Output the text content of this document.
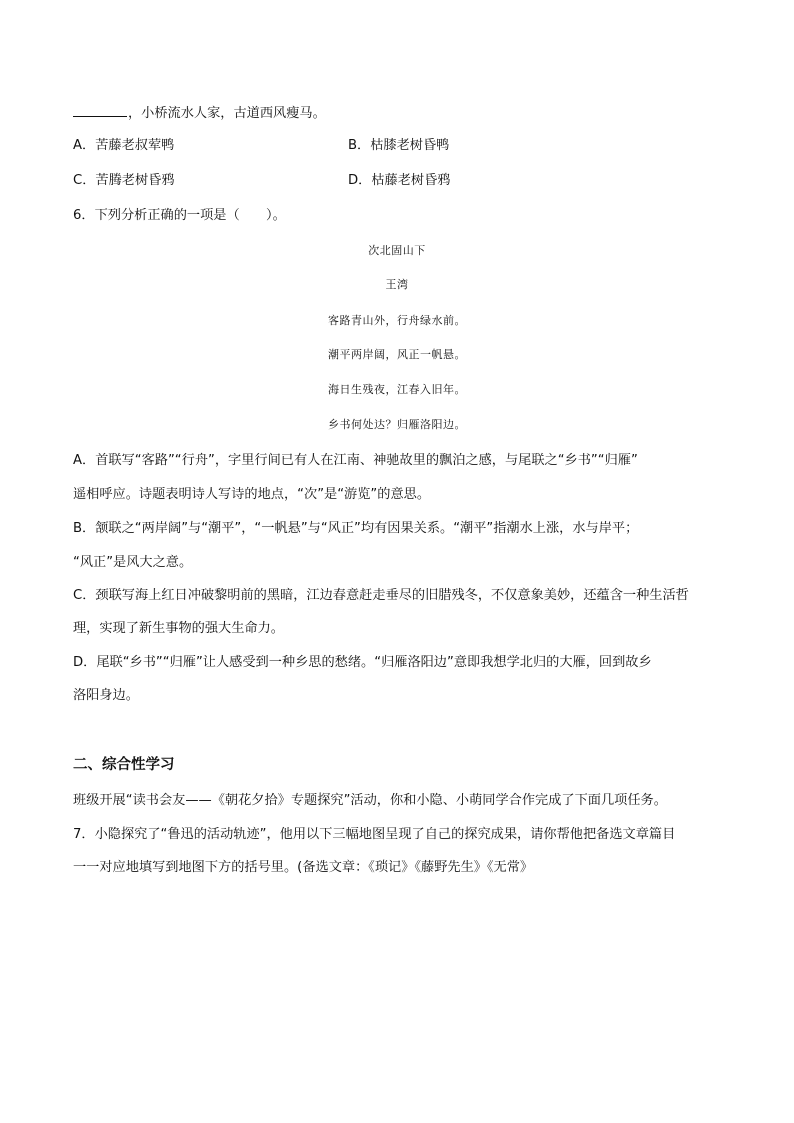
，小桥流水人家，古道西风瘦马。
A．苦藤老叔荤鸭	B．枯膝老树昏鸭
C．苦腾老树昏鸦	D．枯藤老树昏鸦
6．下列分析正确的一项是（　　）。
次北固山下
王湾
客路青山外，行舟绿水前。
潮平两岸阔，风正一帆悬。
海日生残夜，江春入旧年。
乡书何处达？归雁洛阳边。
A．首联写“客路”“行舟”，字里行间已有人在江南、神驰故里的飘泊之感，与尾联之“乡书”“归雁”
遥相呼应。诗题表明诗人写诗的地点，“次”是“游览”的意思。
B．颔联之“两岸阔”与“潮平”，“一帆悬”与“风正”均有因果关系。“潮平”指潮水上涨，水与岸平；
“风正”是风大之意。
C．颈联写海上红日冲破黎明前的黑暗，江边春意赶走垂尽的旧腊残冬，不仅意象美妙，还蕴含一种生活哲
理，实现了新生事物的强大生命力。
D．尾联“乡书”“归雁”让人感受到一种乡思的愁绪。“归雁洛阳边”意即我想学北归的大雁，回到故乡
洛阳身边。
二、综合性学习
班级开展“读书会友——《朝花夕拾》专题探究”活动，你和小隐、小萌同学合作完成了下面几项任务。
7．小隐探究了“鲁迅的活动轨迹”，他用以下三幅地图呈现了自己的探究成果，请你帮他把备选文章篇目
一一对应地填写到地图下方的括号里。(备选文章：《琐记》《藤野先生》《无常》
